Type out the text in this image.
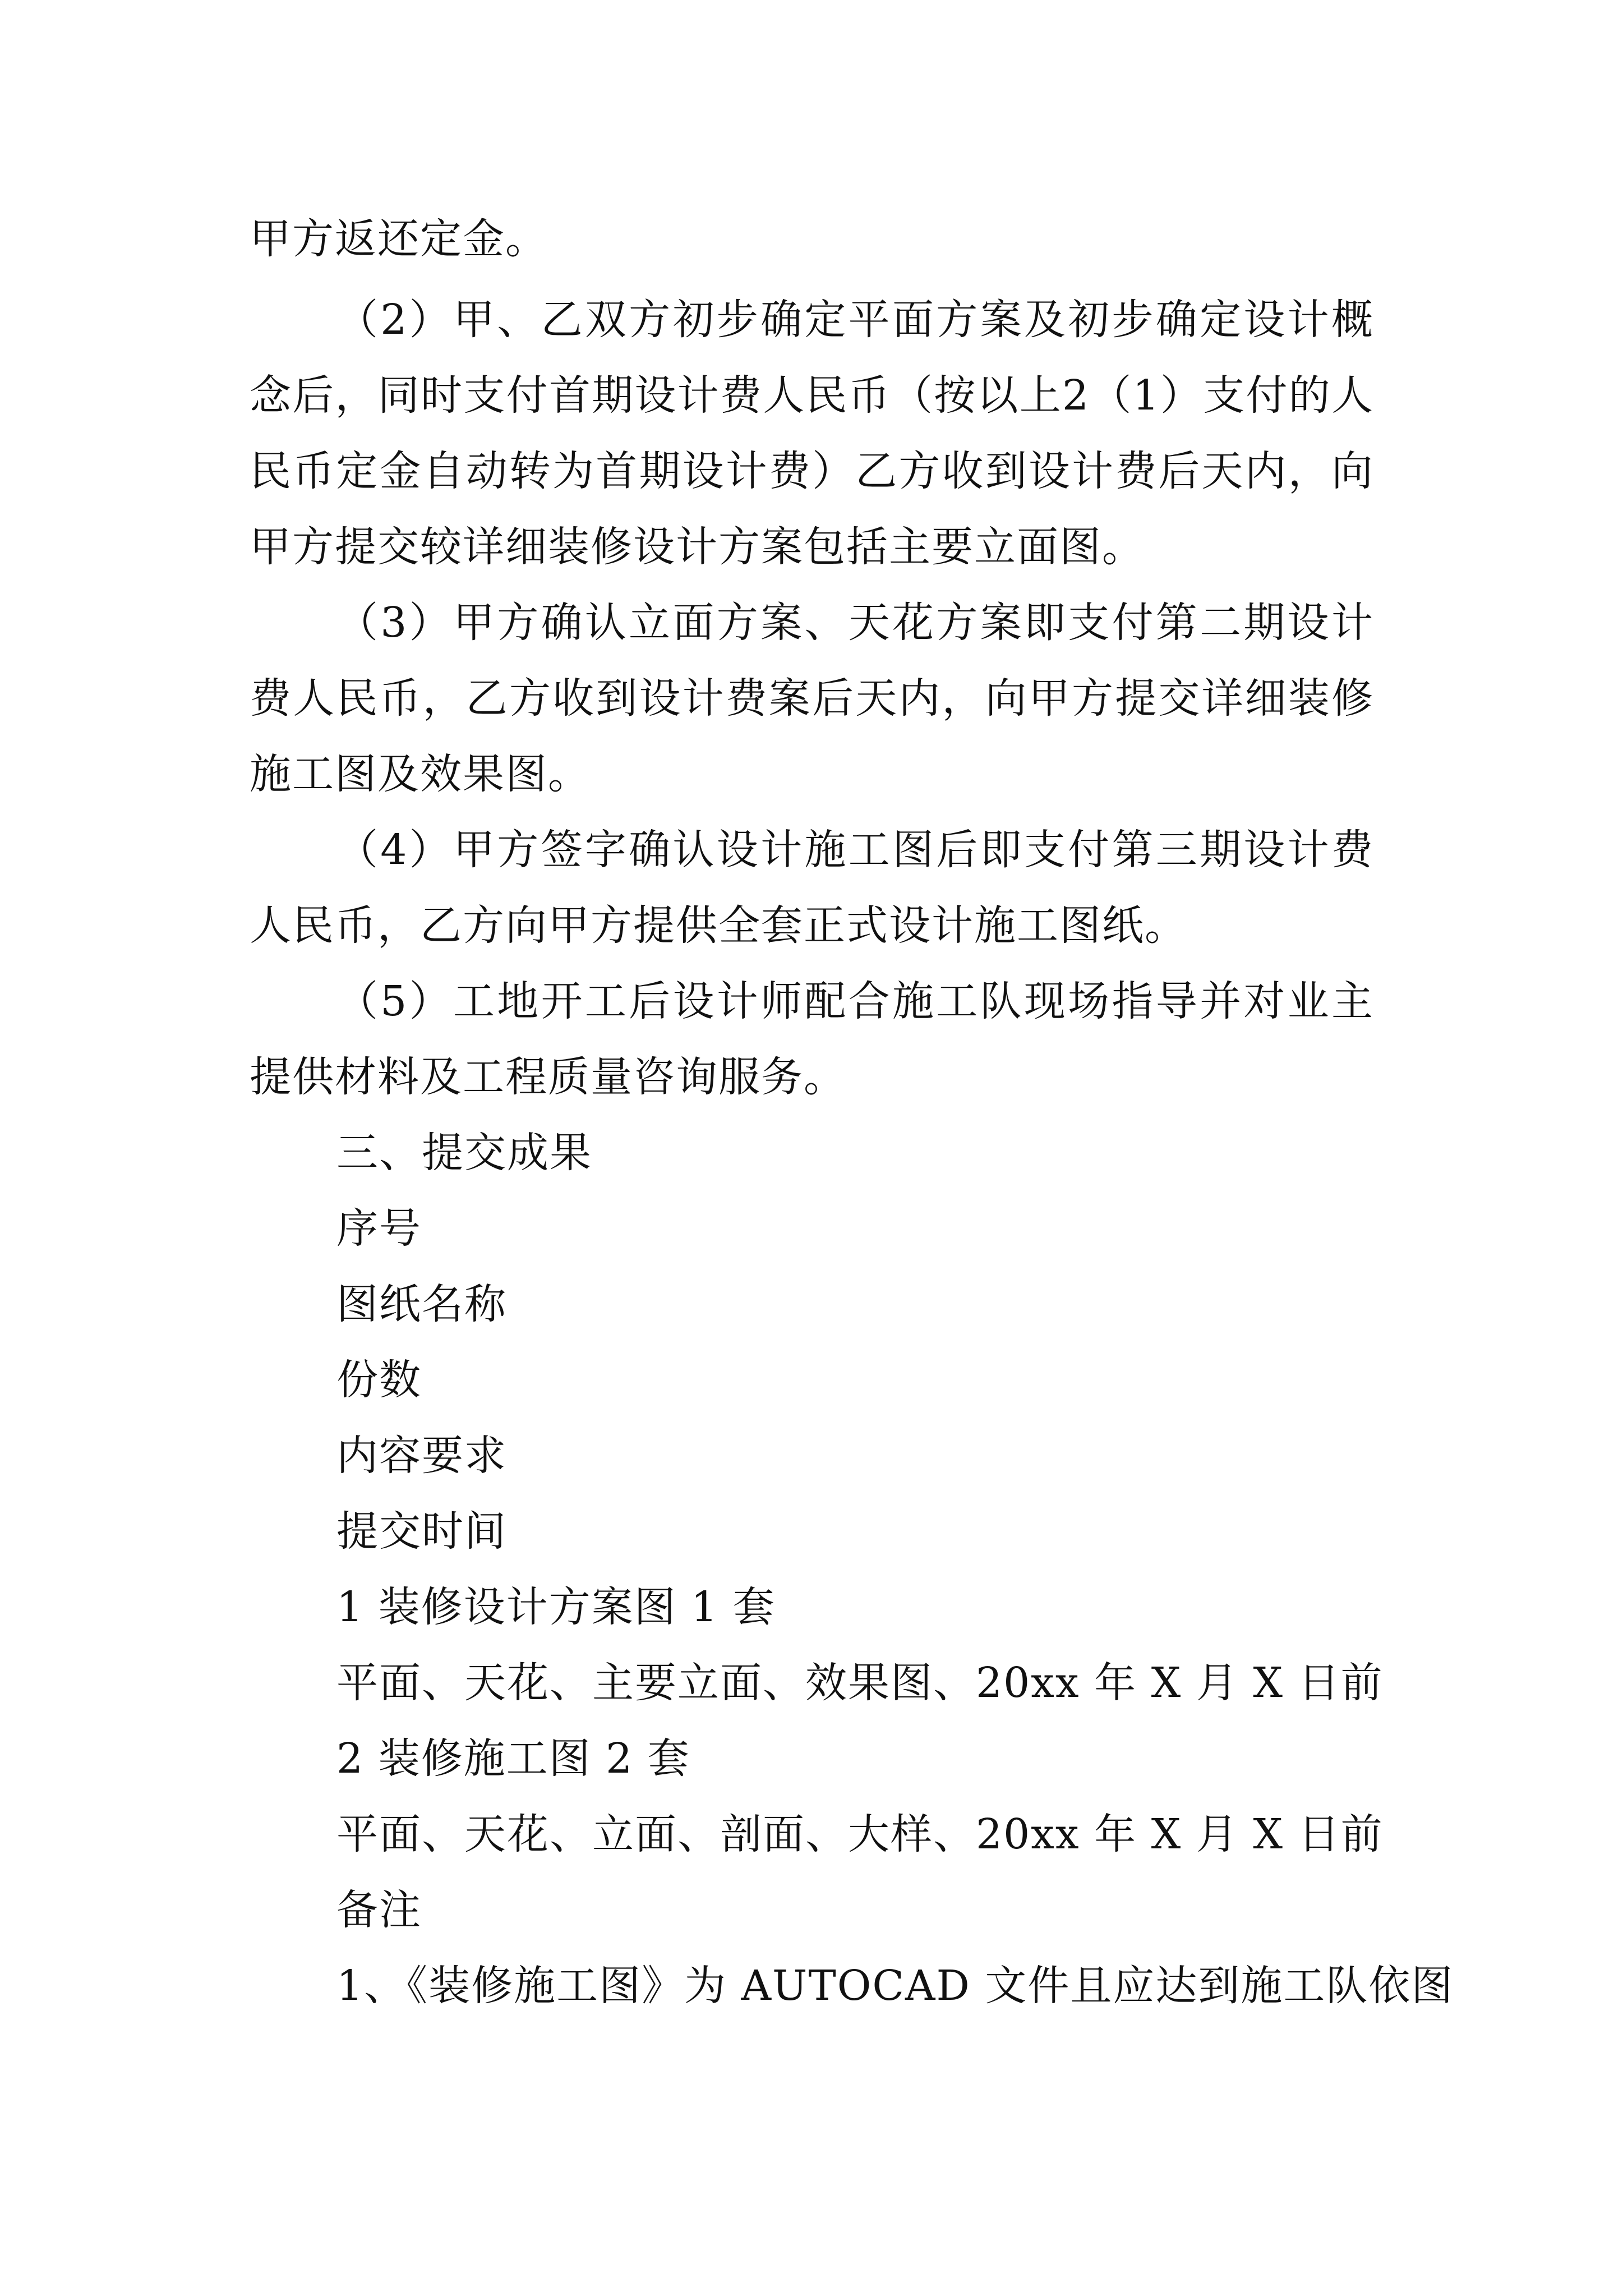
甲方返还定金。
（2）甲、乙双方初步确定平面方案及初步确定设计概
念后，同时支付首期设计费人民币（按以上2（1）支付的人
民币定金自动转为首期设计费）乙方收到设计费后天内，向
甲方提交较详细装修设计方案包括主要立面图。
（3）甲方确认立面方案、天花方案即支付第二期设计
费人民币，乙方收到设计费案后天内，向甲方提交详细装修
施工图及效果图。
（4）甲方签字确认设计施工图后即支付第三期设计费
人民币，乙方向甲方提供全套正式设计施工图纸。
（5）工地开工后设计师配合施工队现场指导并对业主
提供材料及工程质量咨询服务。
三、提交成果
序号
图纸名称
份数
内容要求
提交时间
1 装修设计方案图 1 套
平面、天花、主要立面、效果图、20xx 年 X 月 X 日前
2 装修施工图 2 套
平面、天花、立面、剖面、大样、20xx 年 X 月 X 日前
备注
1、《装修施工图》为 AUTOCAD 文件且应达到施工队依图
